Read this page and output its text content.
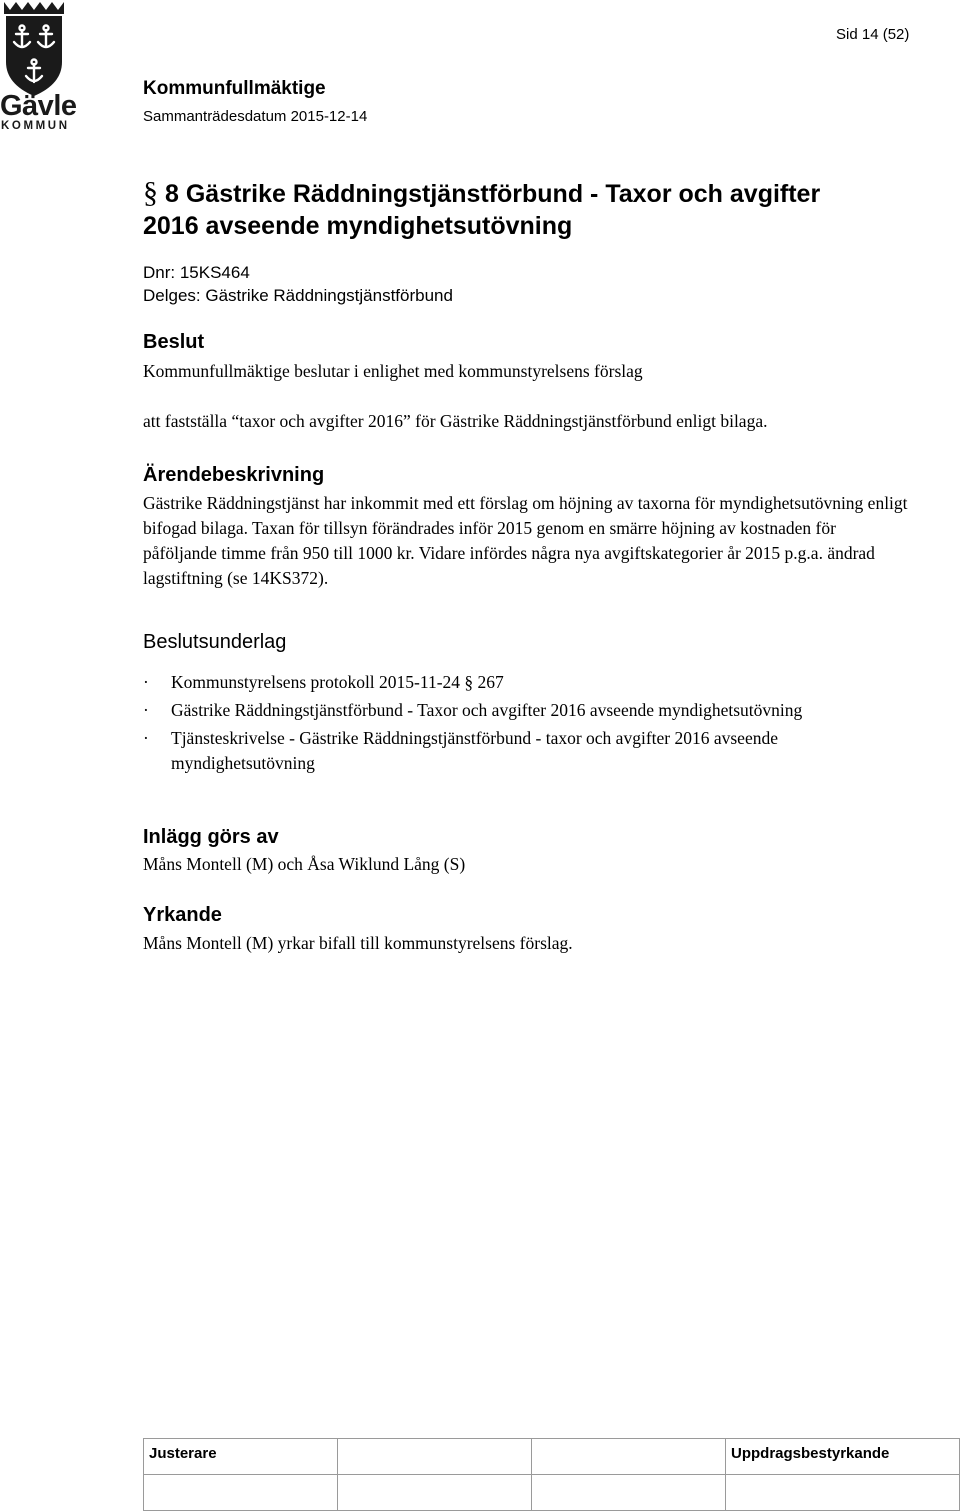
Gävle
KOMMUN
Sid 14 (52)
Kommunfullmäktige
Sammanträdesdatum 2015-12-14
§ 8 Gästrike Räddningstjänstförbund - Taxor och avgifter
2016 avseende myndighetsutövning
Dnr: 15KS464
Delges: Gästrike Räddningstjänstförbund
Beslut
Kommunfullmäktige beslutar i enlighet med kommunstyrelsens förslag
att fastställa “taxor och avgifter 2016” för Gästrike Räddningstjänstförbund enligt bilaga.
Ärendebeskrivning
Gästrike Räddningstjänst har inkommit med ett förslag om höjning av taxorna för myndighetsutövning enligt bifogad bilaga. Taxan för tillsyn förändrades inför 2015 genom en smärre höjning av kostnaden för påföljande timme från 950 till 1000 kr. Vidare infördes några nya avgiftskategorier år 2015 p.g.a. ändrad lagstiftning (se 14KS372).
Beslutsunderlag
· Kommunstyrelsens protokoll 2015-11-24 § 267
· Gästrike Räddningstjänstförbund - Taxor och avgifter 2016 avseende myndighetsutövning
· Tjänsteskrivelse - Gästrike Räddningstjänstförbund - taxor och avgifter 2016 avseende myndighetsutövning
Inlägg görs av
Måns Montell (M) och Åsa Wiklund Lång (S)
Yrkande
Måns Montell (M) yrkar bifall till kommunstyrelsens förslag.
Justerare			Uppdragsbestyrkande
